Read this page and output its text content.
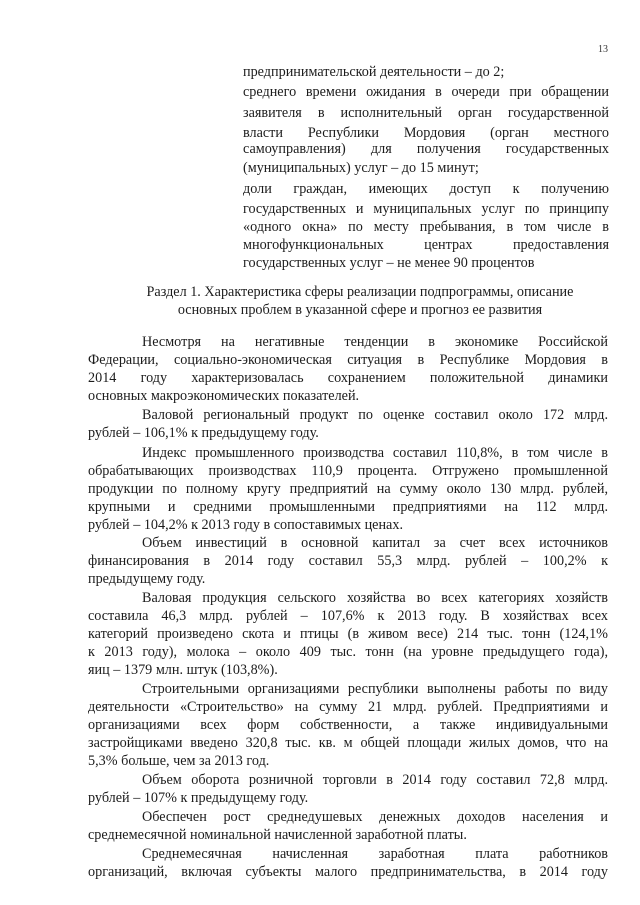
13
предпринимательской деятельности – до 2;
среднего времени ожидания в очереди при обращении
заявителя в исполнительный орган государственной
власти Республики Мордовия (орган местного
самоуправления) для получения государственных
(муниципальных) услуг – до 15 минут;
доли граждан, имеющих доступ к получению
государственных и муниципальных услуг по принципу
«одного окна» по месту пребывания, в том числе в
многофункциональных центрах предоставления
государственных услуг – не менее 90 процентов
Раздел 1. Характеристика сферы реализации подпрограммы, описание
основных проблем в указанной сфере и прогноз ее развития
Несмотря на негативные тенденции в экономике Российской
Федерации, социально-экономическая ситуация в Республике Мордовия в
2014 году характеризовалась сохранением положительной динамики
основных макроэкономических показателей.
Валовой региональный продукт по оценке составил около 172 млрд.
рублей – 106,1% к предыдущему году.
Индекс промышленного производства составил 110,8%, в том числе в
обрабатывающих производствах 110,9 процента. Отгружено промышленной
продукции по полному кругу предприятий на сумму около 130 млрд. рублей,
крупными и средними промышленными предприятиями на 112 млрд.
рублей – 104,2% к 2013 году в сопоставимых ценах.
Объем инвестиций в основной капитал за счет всех источников
финансирования в 2014 году составил 55,3 млрд. рублей – 100,2% к
предыдущему году.
Валовая продукция сельского хозяйства во всех категориях хозяйств
составила 46,3 млрд. рублей – 107,6% к 2013 году. В хозяйствах всех
категорий произведено скота и птицы (в живом весе) 214 тыс. тонн (124,1%
к 2013 году), молока – около 409 тыс. тонн (на уровне предыдущего года),
яиц – 1379 млн. штук (103,8%).
Строительными организациями республики выполнены работы по виду
деятельности «Строительство» на сумму 21 млрд. рублей. Предприятиями и
организациями всех форм собственности, а также индивидуальными
застройщиками введено 320,8 тыс. кв. м общей площади жилых домов, что на
5,3% больше, чем за 2013 год.
Объем оборота розничной торговли в 2014 году составил 72,8 млрд.
рублей – 107% к предыдущему году.
Обеспечен рост среднедушевых денежных доходов населения и
среднемесячной номинальной начисленной заработной платы.
Среднемесячная начисленная заработная плата работников
организаций, включая субъекты малого предпринимательства, в 2014 году
